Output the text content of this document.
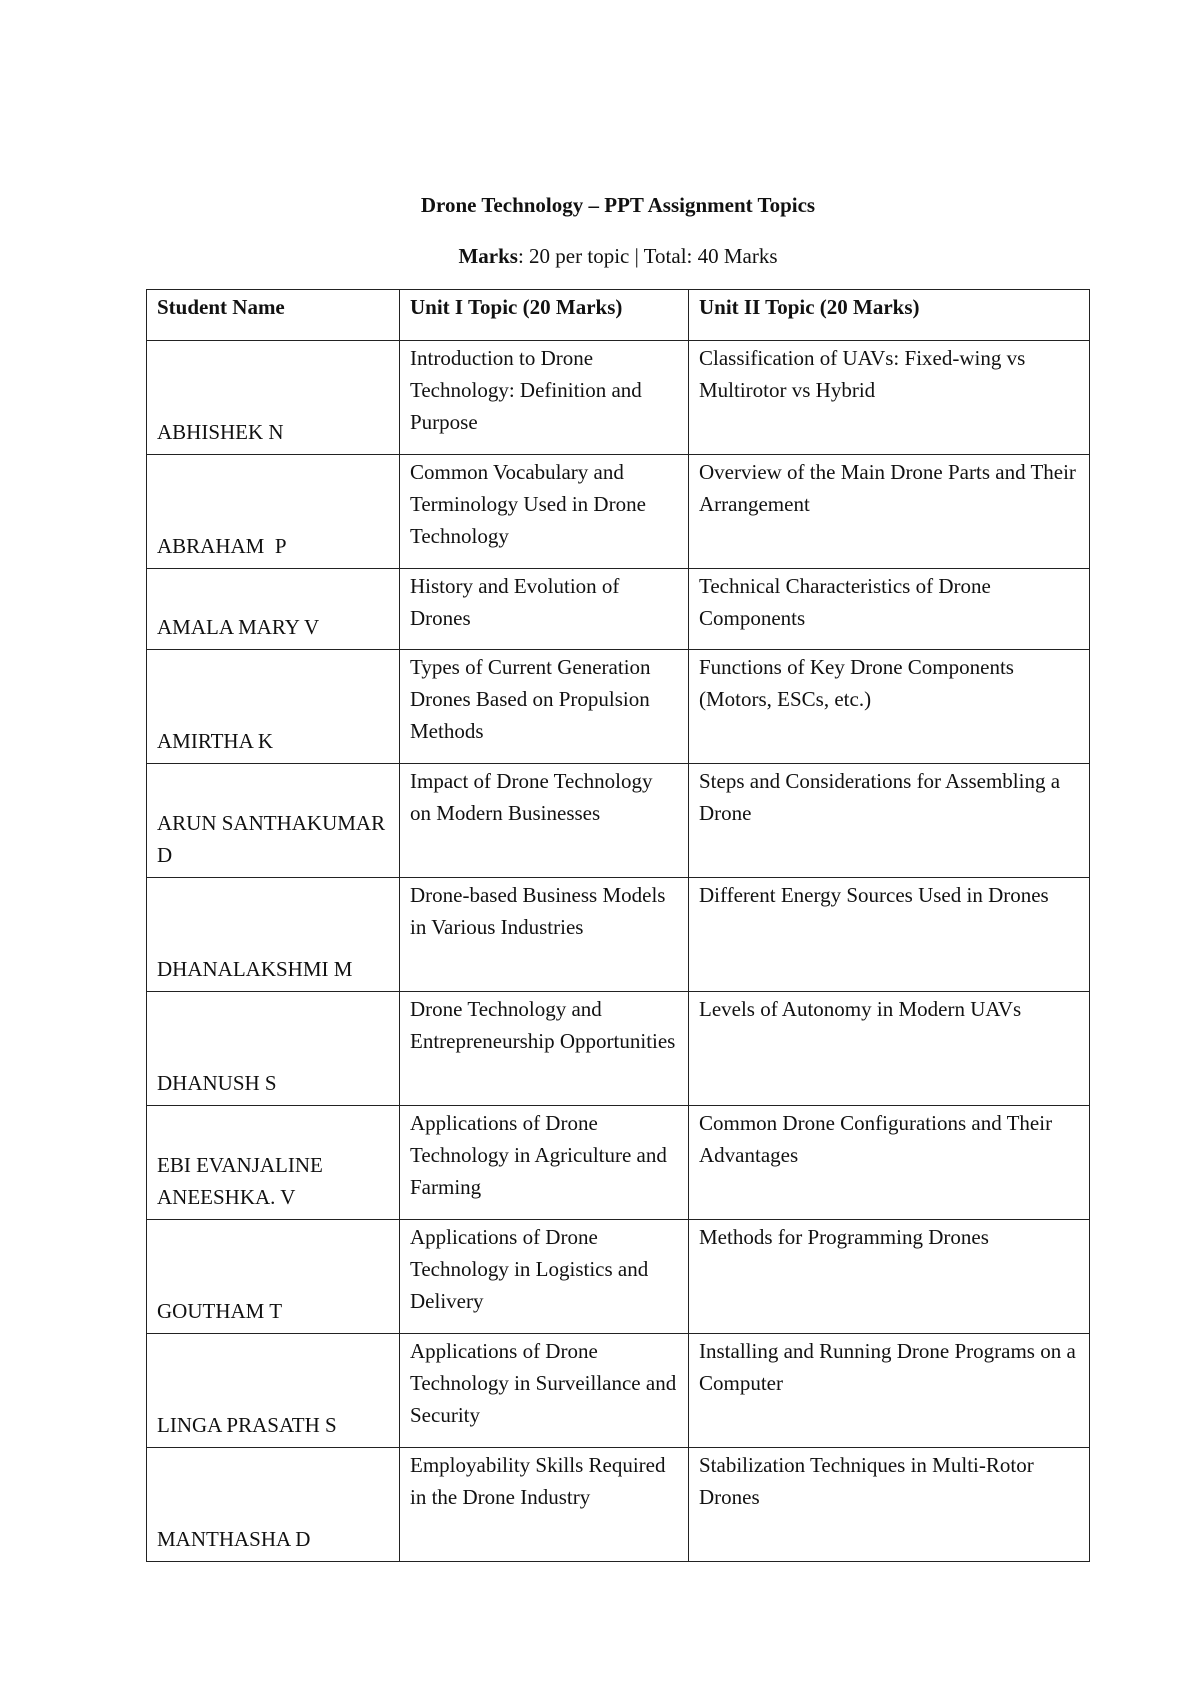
Drone Technology – PPT Assignment Topics

Marks: 20 per topic | Total: 40 Marks

Student Name	Unit I Topic (20 Marks)	Unit II Topic (20 Marks)
ABHISHEK N	Introduction to Drone Technology: Definition and Purpose	Classification of UAVs: Fixed-wing vs Multirotor vs Hybrid
ABRAHAM  P	Common Vocabulary and Terminology Used in Drone Technology	Overview of the Main Drone Parts and Their Arrangement
AMALA MARY V	History and Evolution of Drones	Technical Characteristics of Drone Components
AMIRTHA K	Types of Current Generation Drones Based on Propulsion Methods	Functions of Key Drone Components (Motors, ESCs, etc.)
ARUN SANTHAKUMAR D	Impact of Drone Technology on Modern Businesses	Steps and Considerations for Assembling a Drone
DHANALAKSHMI M	Drone-based Business Models in Various Industries	Different Energy Sources Used in Drones
DHANUSH S	Drone Technology and Entrepreneurship Opportunities	Levels of Autonomy in Modern UAVs
EBI EVANJALINE ANEESHKA. V	Applications of Drone Technology in Agriculture and Farming	Common Drone Configurations and Their Advantages
GOUTHAM T	Applications of Drone Technology in Logistics and Delivery	Methods for Programming Drones
LINGA PRASATH S	Applications of Drone Technology in Surveillance and Security	Installing and Running Drone Programs on a Computer
MANTHASHA D	Employability Skills Required in the Drone Industry	Stabilization Techniques in Multi-Rotor Drones
